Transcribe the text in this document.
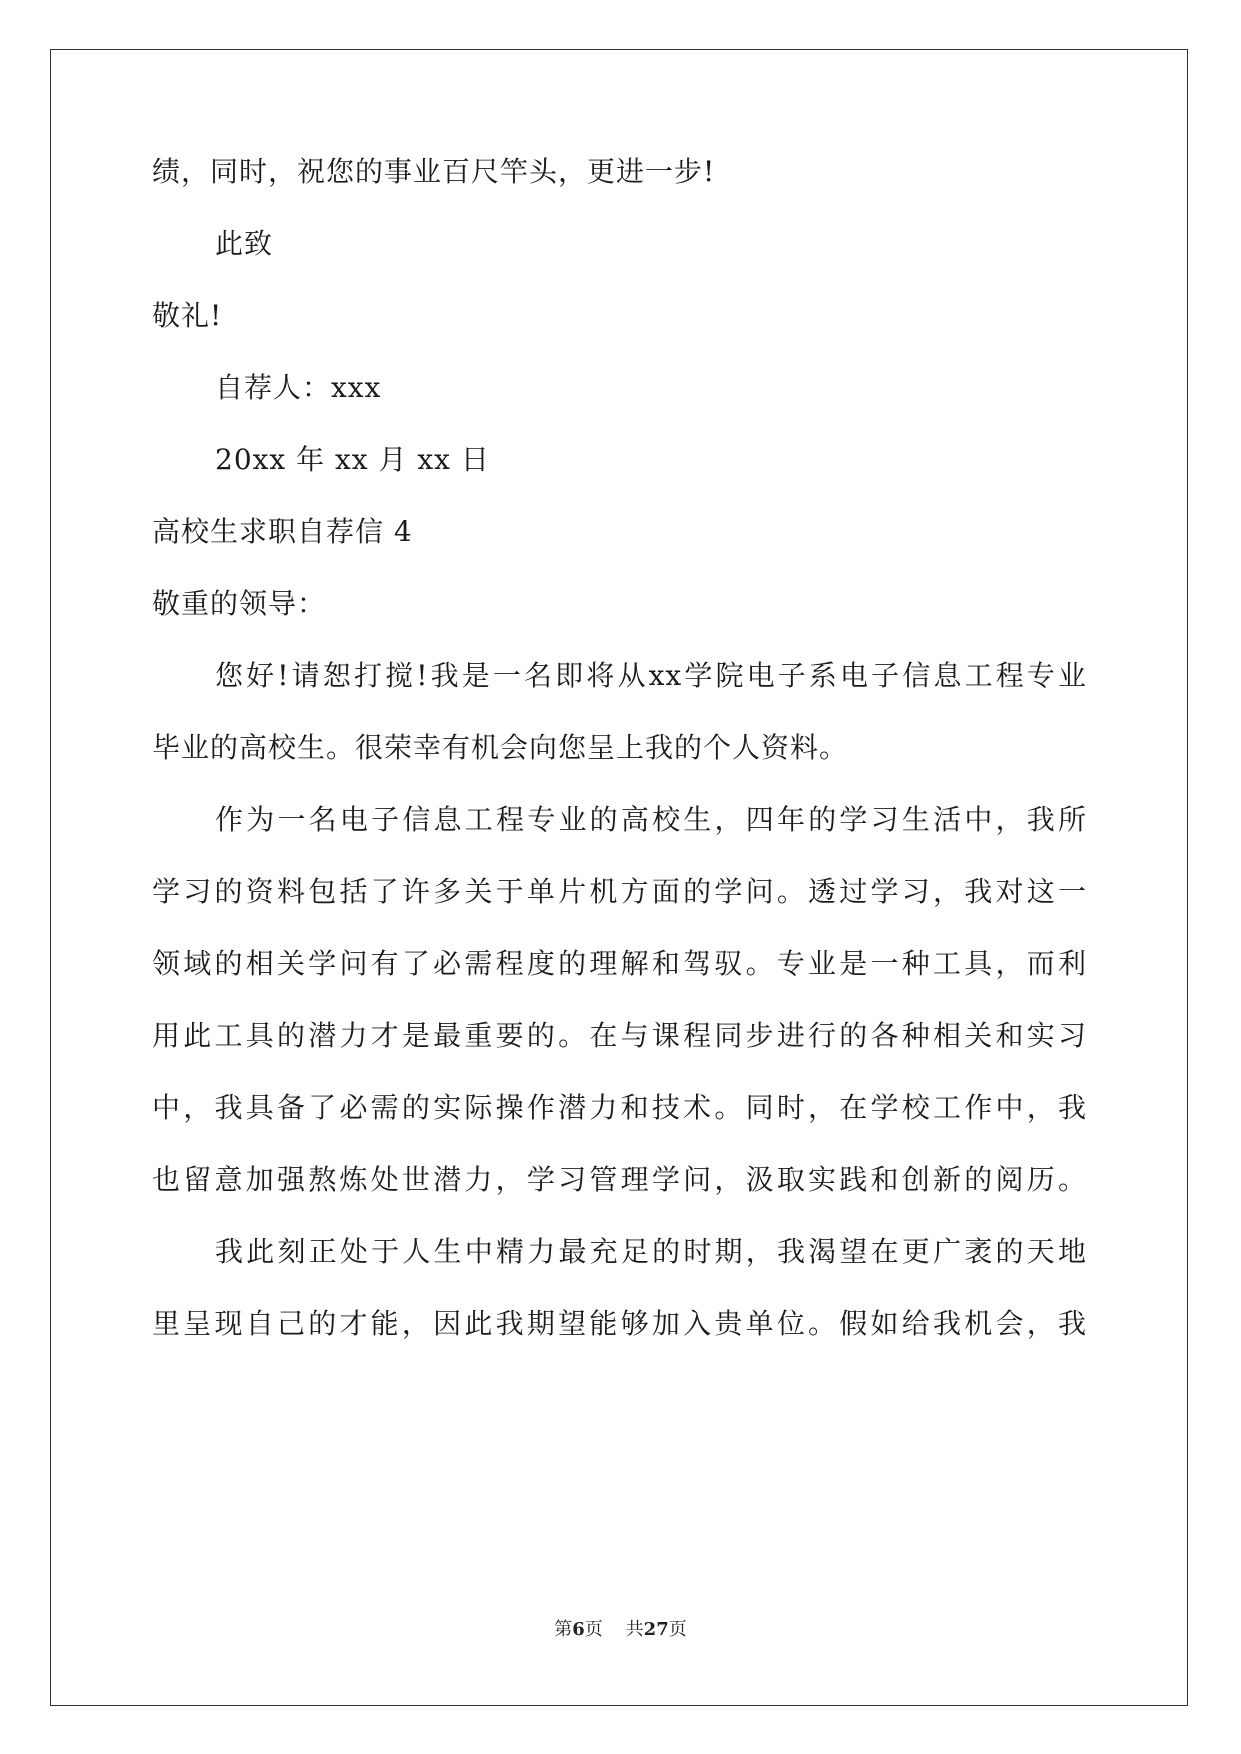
绩，同时，祝您的事业百尺竿头，更进一步!
此致
敬礼!
自荐人：xxx
20xx 年 xx 月 xx 日
高校生求职自荐信 4
敬重的领导：
您好!请恕打搅!我是一名即将从xx学院电子系电子信息工程专业
毕业的高校生。很荣幸有机会向您呈上我的个人资料。
作为一名电子信息工程专业的高校生，四年的学习生活中，我所
学习的资料包括了许多关于单片机方面的学问。透过学习，我对这一
领域的相关学问有了必需程度的理解和驾驭。专业是一种工具，而利
用此工具的潜力才是最重要的。在与课程同步进行的各种相关和实习
中，我具备了必需的实际操作潜力和技术。同时，在学校工作中，我
也留意加强熬炼处世潜力，学习管理学问，汲取实践和创新的阅历。
我此刻正处于人生中精力最充足的时期，我渴望在更广袤的天地
里呈现自己的才能，因此我期望能够加入贵单位。假如给我机会，我
第6页 共27页
